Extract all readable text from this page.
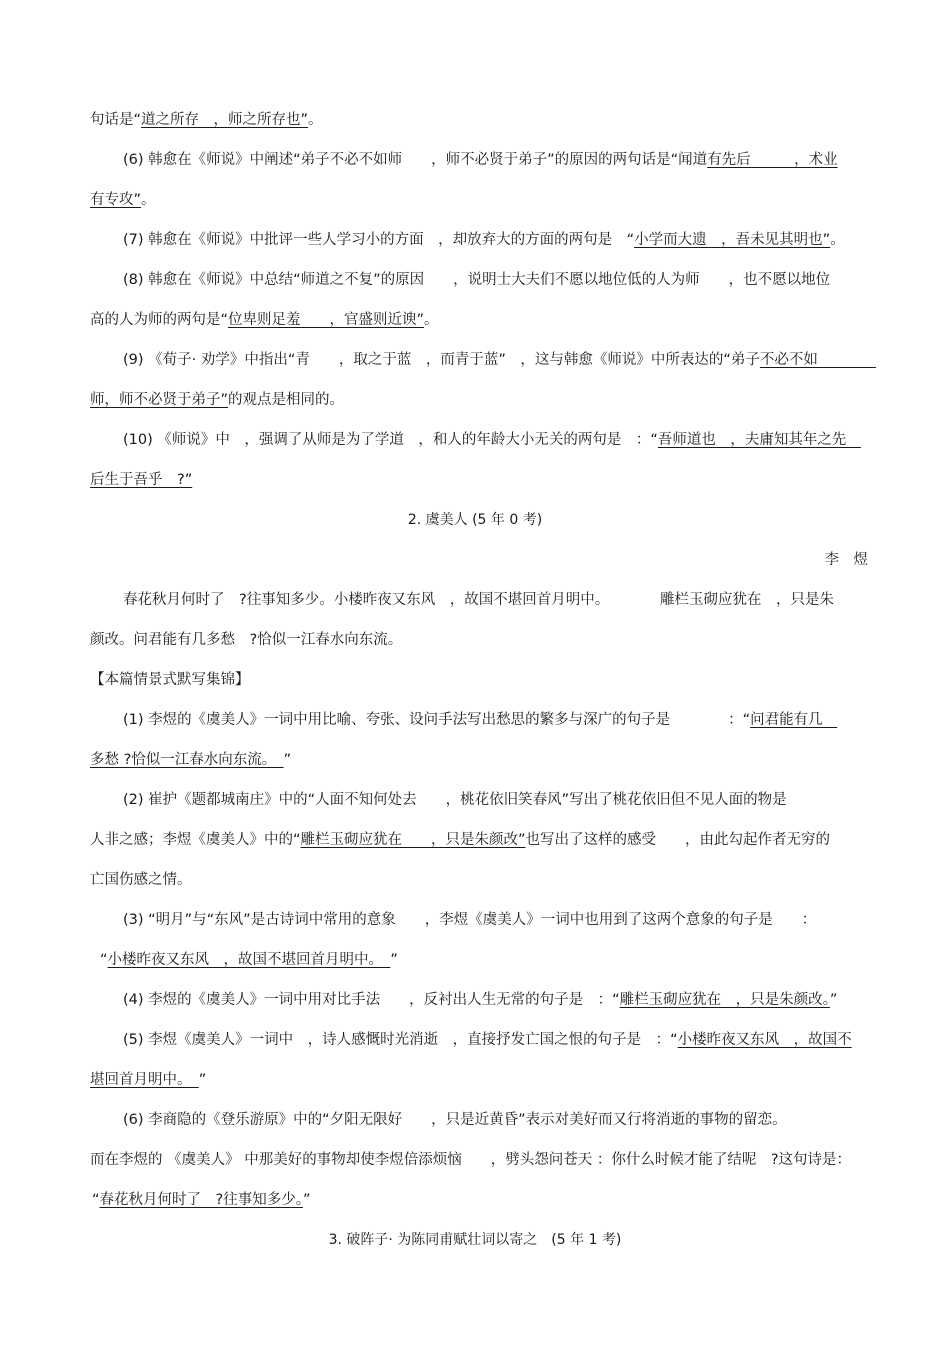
句话是“道之所存　，师之所存也”。
(6) 韩愈在《师说》中阐述“弟子不必不如师　　，师不必贤于弟子”的原因的两句话是“闻道有先后　　　，术业
有专攻”。
(7) 韩愈在《师说》中批评一些人学习小的方面　，却放弃大的方面的两句是　“小学而大遗　，吾未见其明也”。
(8) 韩愈在《师说》中总结“师道之不复”的原因　　，说明士大夫们不愿以地位低的人为师　　，也不愿以地位
高的人为师的两句是“位卑则足羞　　，官盛则近谀”。
(9) 《荀子· 劝学》中指出“青　　，取之于蓝　，而青于蓝”　，这与韩愈《师说》中所表达的“弟子不必不如　　　　
师，师不必贤于弟子”的观点是相同的。
(10) 《师说》中　，强调了从师是为了学道　，和人的年龄大小无关的两句是　：“吾师道也　，夫庸知其年之先　
后生于吾乎　?”
2. 虞美人 (5 年 0 考)
李　煜
春花秋月何时了　?往事知多少。小楼昨夜又东风　，故国不堪回首月明中。　　　　雕栏玉砌应犹在　，只是朱
颜改。问君能有几多愁　?恰似一江春水向东流。
【本篇情景式默写集锦】
(1) 李煜的《虞美人》一词中用比喻、夸张、设问手法写出愁思的繁多与深广的句子是　　　　：“问君能有几　
多愁 ?恰似一江春水向东流。　”
(2) 崔护《题都城南庄》中的“人面不知何处去　　，桃花依旧笑春风”写出了桃花依旧但不见人面的物是
人非之感；李煜《虞美人》中的“雕栏玉砌应犹在　　，只是朱颜改”也写出了这样的感受　　，由此勾起作者无穷的
亡国伤感之情。
(3) “明月”与“东风”是古诗词中常用的意象　　，李煜《虞美人》一词中也用到了这两个意象的句子是　　：
“小楼昨夜又东风　，故国不堪回首月明中。　”
(4) 李煜的《虞美人》一词中用对比手法　　，反衬出人生无常的句子是　：“雕栏玉砌应犹在　，只是朱颜改。”
(5) 李煜《虞美人》一词中　，诗人感慨时光消逝　，直接抒发亡国之恨的句子是　：“小楼昨夜又东风　，故国不
堪回首月明中。　”
(6) 李商隐的《登乐游原》中的“夕阳无限好　　，只是近黄昏”表示对美好而又行将消逝的事物的留恋。
而在李煜的 《虞美人》 中那美好的事物却使李煜倍添烦恼　　，劈头怨问苍天 ：你什么时候才能了结呢　?这句诗是：
“春花秋月何时了　?往事知多少。”
3. 破阵子· 为陈同甫赋壮词以寄之　(5 年 1 考)
